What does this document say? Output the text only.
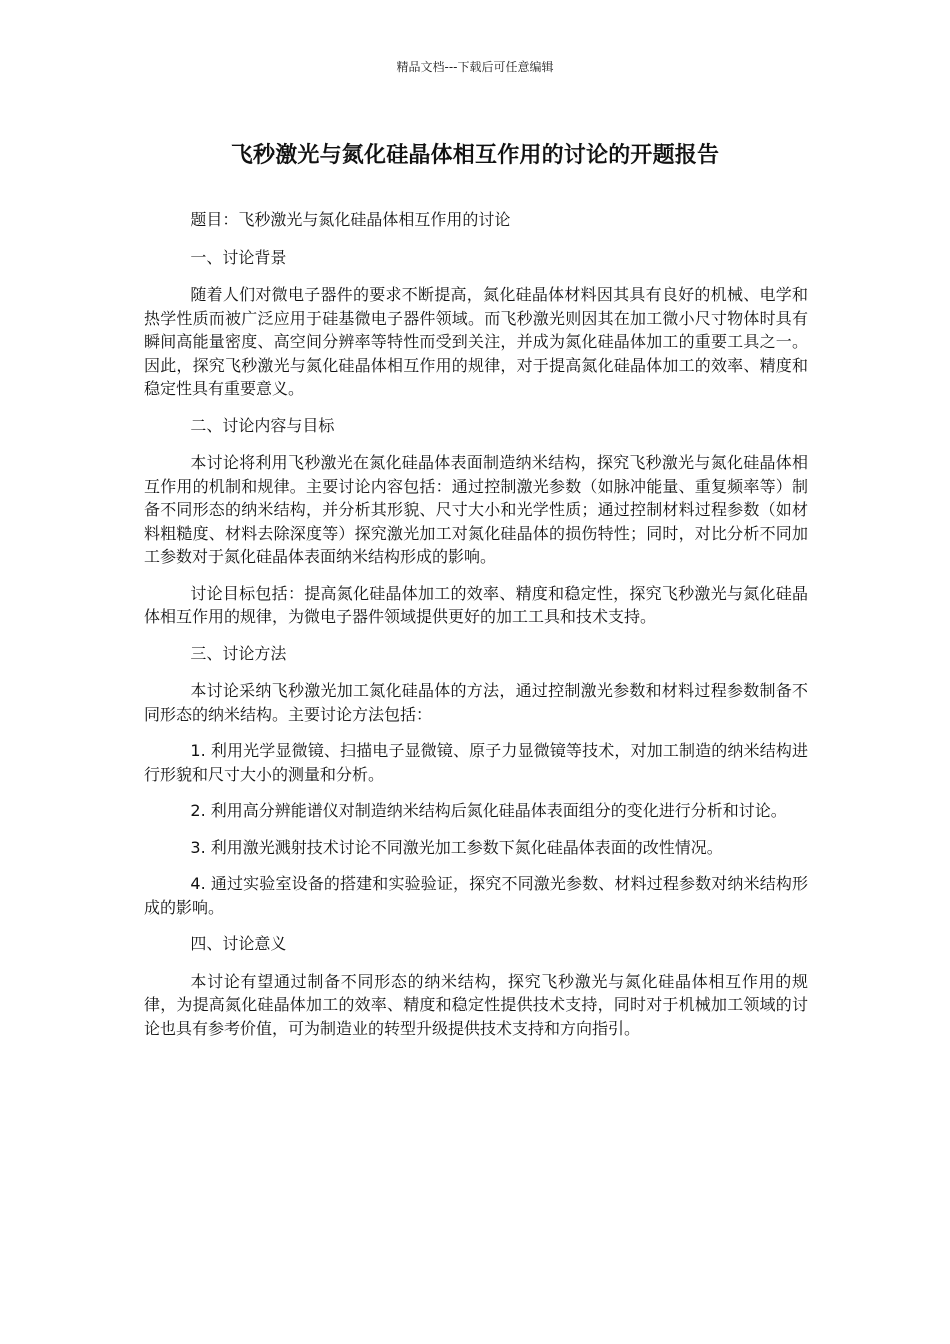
精品文档---下载后可任意编辑
飞秒激光与氮化硅晶体相互作用的讨论的开题报告

题目：飞秒激光与氮化硅晶体相互作用的讨论

一、讨论背景

随着人们对微电子器件的要求不断提高，氮化硅晶体材料因其具有良好的机械、电学和热学性质而被广泛应用于硅基微电子器件领域。而飞秒激光则因其在加工微小尺寸物体时具有瞬间高能量密度、高空间分辨率等特性而受到关注，并成为氮化硅晶体加工的重要工具之一。因此，探究飞秒激光与氮化硅晶体相互作用的规律，对于提高氮化硅晶体加工的效率、精度和稳定性具有重要意义。

二、讨论内容与目标

本讨论将利用飞秒激光在氮化硅晶体表面制造纳米结构，探究飞秒激光与氮化硅晶体相互作用的机制和规律。主要讨论内容包括：通过控制激光参数（如脉冲能量、重复频率等）制备不同形态的纳米结构，并分析其形貌、尺寸大小和光学性质；通过控制材料过程参数（如材料粗糙度、材料去除深度等）探究激光加工对氮化硅晶体的损伤特性；同时，对比分析不同加工参数对于氮化硅晶体表面纳米结构形成的影响。

讨论目标包括：提高氮化硅晶体加工的效率、精度和稳定性，探究飞秒激光与氮化硅晶体相互作用的规律，为微电子器件领域提供更好的加工工具和技术支持。

三、讨论方法

本讨论采纳飞秒激光加工氮化硅晶体的方法，通过控制激光参数和材料过程参数制备不同形态的纳米结构。主要讨论方法包括：

1. 利用光学显微镜、扫描电子显微镜、原子力显微镜等技术，对加工制造的纳米结构进行形貌和尺寸大小的测量和分析。

2. 利用高分辨能谱仪对制造纳米结构后氮化硅晶体表面组分的变化进行分析和讨论。

3. 利用激光溅射技术讨论不同激光加工参数下氮化硅晶体表面的改性情况。

4. 通过实验室设备的搭建和实验验证，探究不同激光参数、材料过程参数对纳米结构形成的影响。

四、讨论意义

本讨论有望通过制备不同形态的纳米结构，探究飞秒激光与氮化硅晶体相互作用的规律，为提高氮化硅晶体加工的效率、精度和稳定性提供技术支持，同时对于机械加工领域的讨论也具有参考价值，可为制造业的转型升级提供技术支持和方向指引。
